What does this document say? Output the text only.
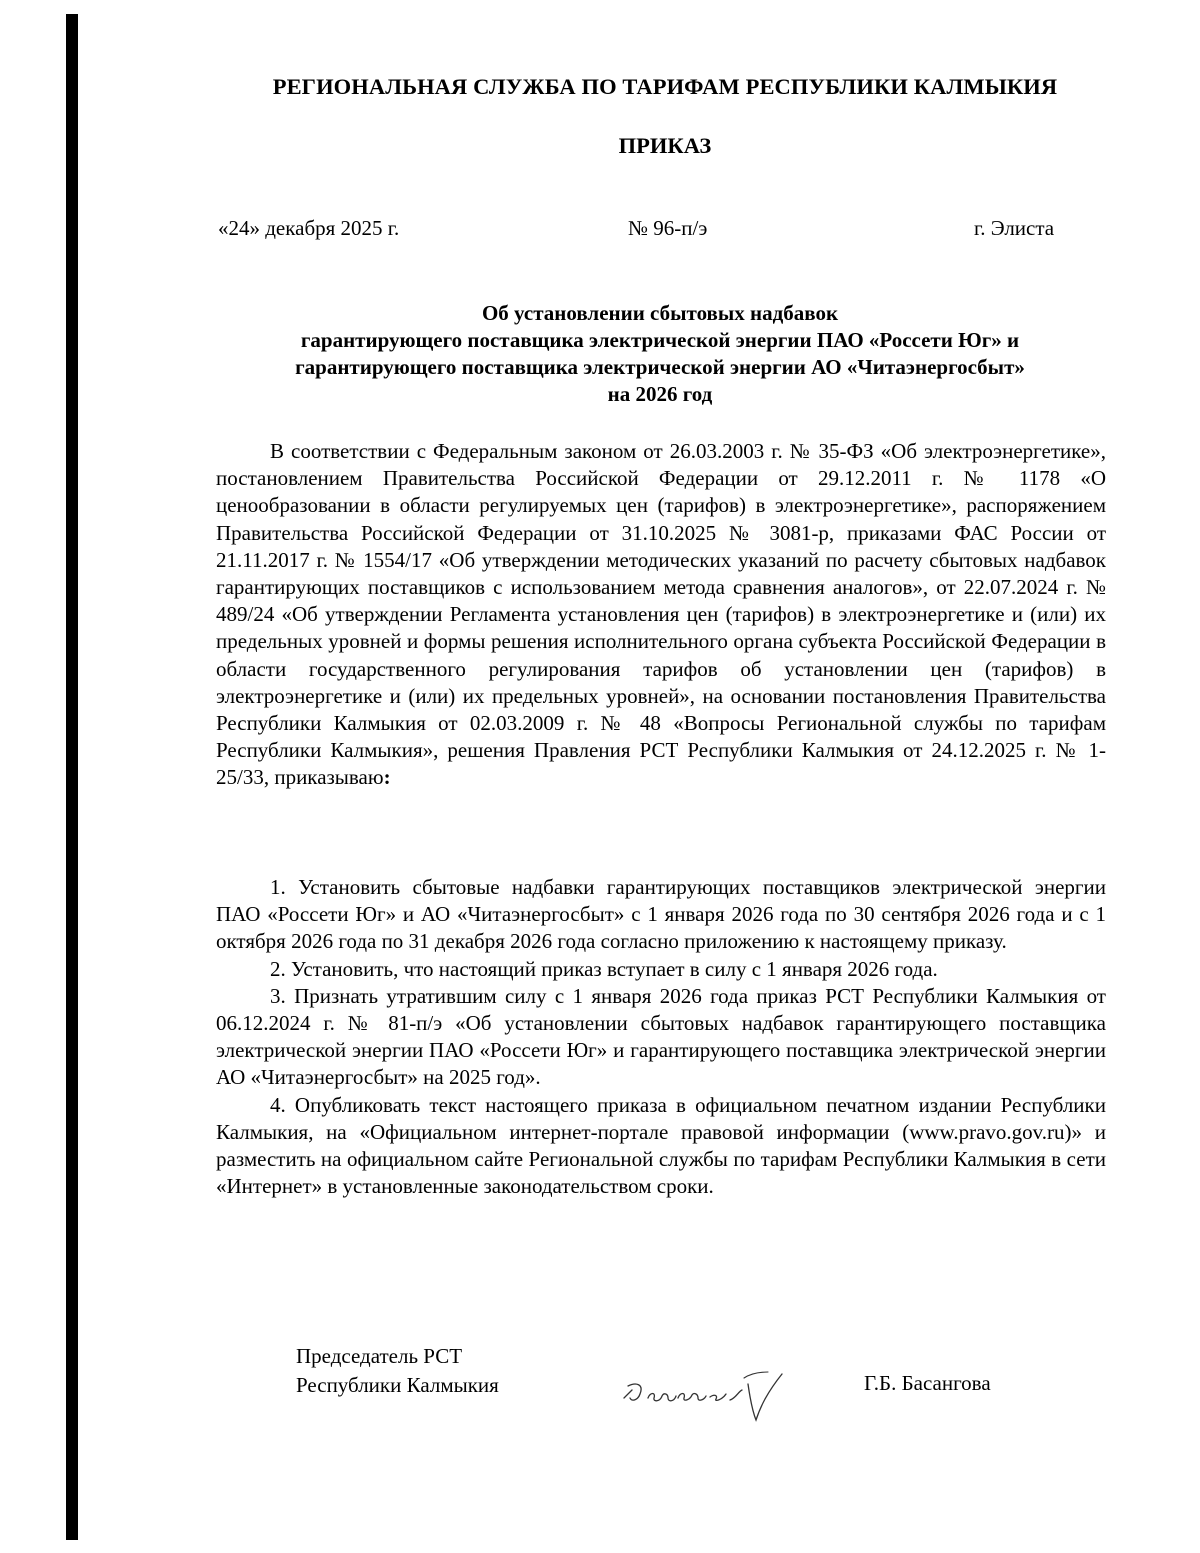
РЕГИОНАЛЬНАЯ СЛУЖБА ПО ТАРИФАМ РЕСПУБЛИКИ КАЛМЫКИЯ
ПРИКАЗ
«24» декабря 2025 г.	№ 96-п/э	г. Элиста
Об установлении сбытовых надбавок
гарантирующего поставщика электрической энергии ПАО «Россети Юг» и
гарантирующего поставщика электрической энергии АО «Читаэнергосбыт»
на 2026 год

В соответствии с Федеральным законом от 26.03.2003 г. № 35-ФЗ «Об электроэнергетике», постановлением Правительства Российской Федерации от 29.12.2011 г. № 1178 «О ценообразовании в области регулируемых цен (тарифов) в электроэнергетике», распоряжением Правительства Российской Федерации от 31.10.2025 № 3081-р, приказами ФАС России от 21.11.2017 г. № 1554/17 «Об утверждении методических указаний по расчету сбытовых надбавок гарантирующих поставщиков с использованием метода сравнения аналогов», от 22.07.2024 г. № 489/24 «Об утверждении Регламента установления цен (тарифов) в электроэнергетике и (или) их предельных уровней и формы решения исполнительного органа субъекта Российской Федерации в области государственного регулирования тарифов об установлении цен (тарифов) в электроэнергетике и (или) их предельных уровней», на основании постановления Правительства Республики Калмыкия от 02.03.2009 г. № 48 «Вопросы Региональной службы по тарифам Республики Калмыкия», решения Правления РСТ Республики Калмыкия от 24.12.2025 г. № 1-25/33, приказываю:

1. Установить сбытовые надбавки гарантирующих поставщиков электрической энергии ПАО «Россети Юг» и АО «Читаэнергосбыт» с 1 января 2026 года по 30 сентября 2026 года и с 1 октября 2026 года по 31 декабря 2026 года согласно приложению к настоящему приказу.

2. Установить, что настоящий приказ вступает в силу с 1 января 2026 года.

3. Признать утратившим силу с 1 января 2026 года приказ РСТ Республики Калмыкия от 06.12.2024 г. № 81-п/э «Об установлении сбытовых надбавок гарантирующего поставщика электрической энергии ПАО «Россети Юг» и гарантирующего поставщика электрической энергии АО «Читаэнергосбыт» на 2025 год».

4. Опубликовать текст настоящего приказа в официальном печатном издании Республики Калмыкия, на «Официальном интернет-портале правовой информации (www.pravo.gov.ru)» и разместить на официальном сайте Региональной службы по тарифам Республики Калмыкия в сети «Интернет» в установленные законодательством сроки.

Председатель РСТ
Республики Калмыкия	Г.Б. Басангова
